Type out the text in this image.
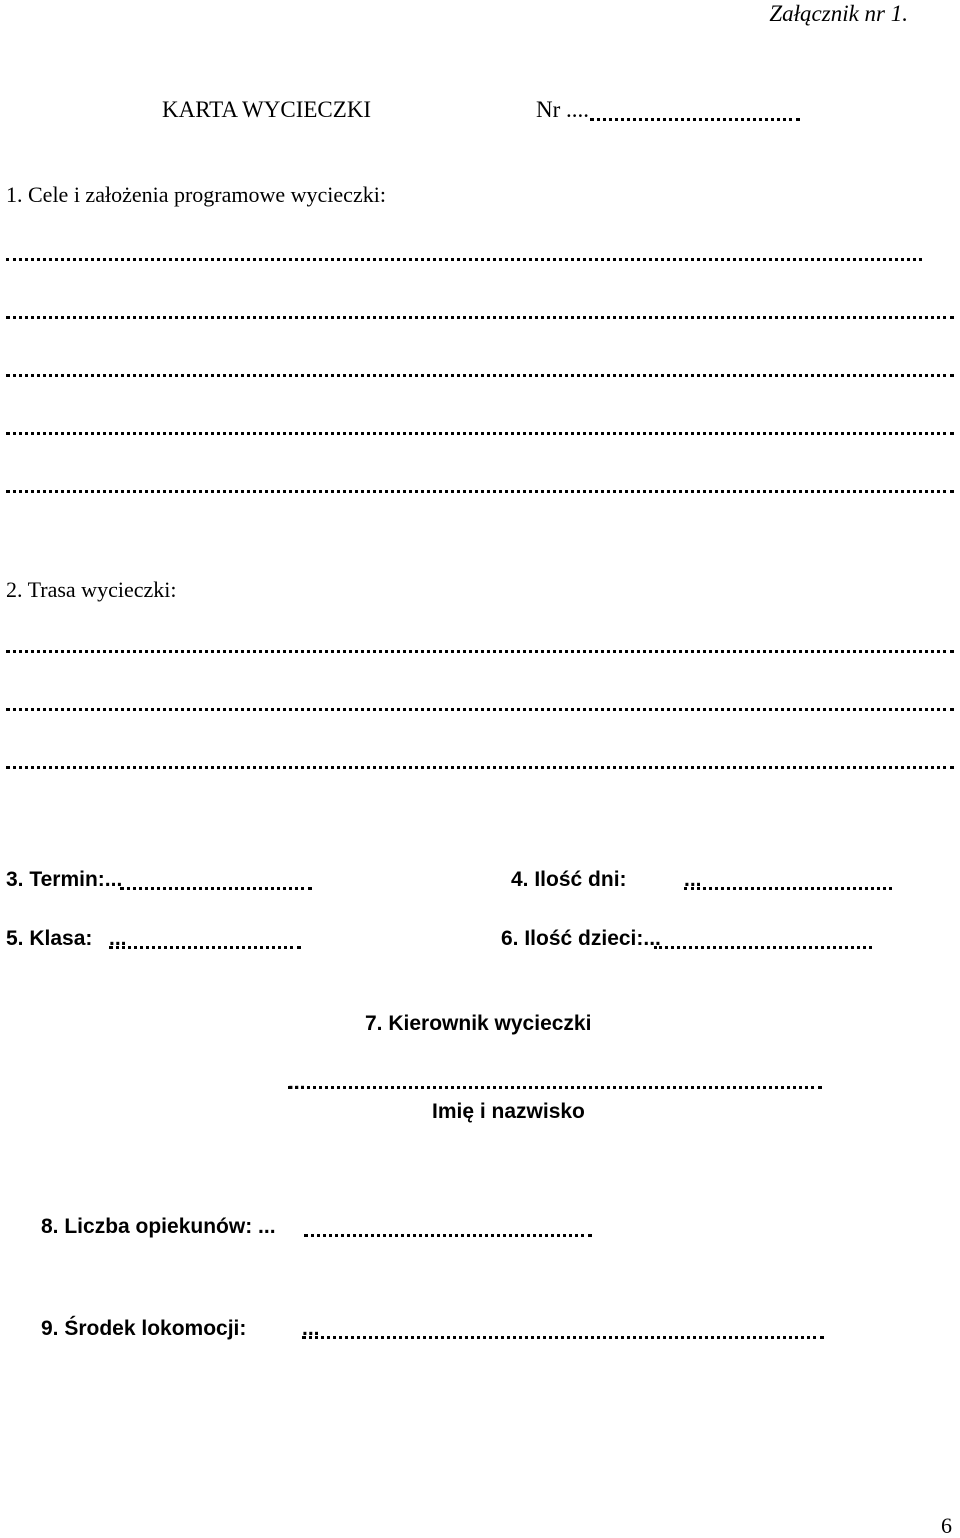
Załącznik nr 1.
KARTA WYCIECZKI	Nr ....
1. Cele i założenia programowe wycieczki:
2. Trasa wycieczki:
3. Termin:...	4. Ilość dni:	...
5. Klasa: ...	6. Ilość dzieci:...
7. Kierownik wycieczki
...
Imię i nazwisko
8. Liczba opiekunów: ...
9. Środek lokomocji:	...
6
